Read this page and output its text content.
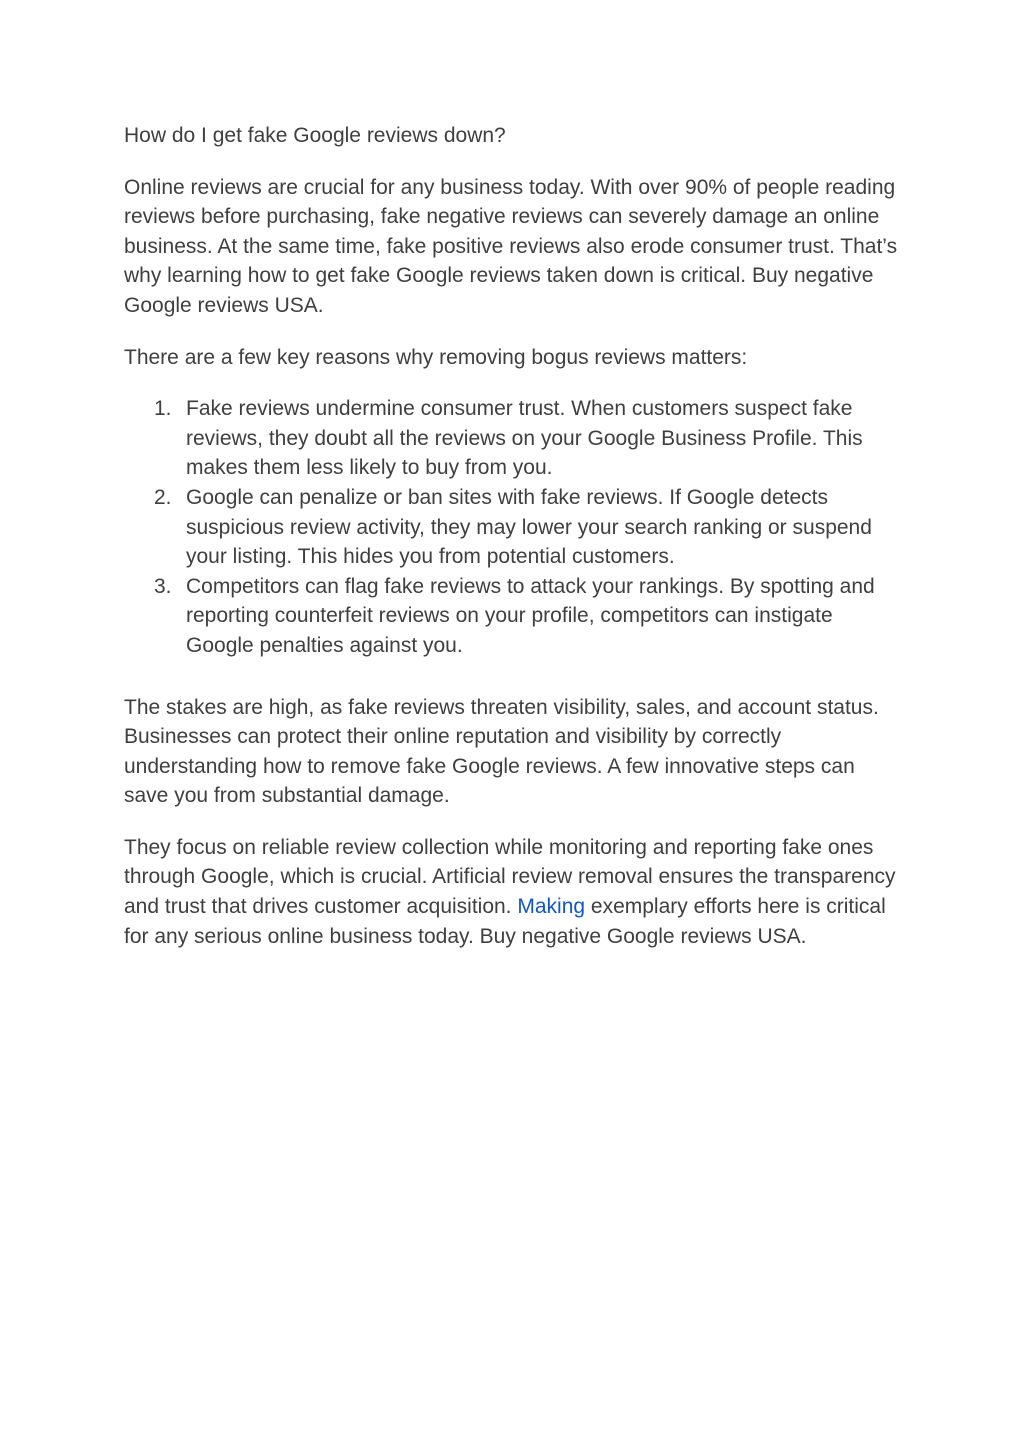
How do I get fake Google reviews down?

Online reviews are crucial for any business today. With over 90% of people reading reviews before purchasing, fake negative reviews can severely damage an online business. At the same time, fake positive reviews also erode consumer trust. That’s why learning how to get fake Google reviews taken down is critical. Buy negative Google reviews USA.

There are a few key reasons why removing bogus reviews matters:

1. Fake reviews undermine consumer trust. When customers suspect fake reviews, they doubt all the reviews on your Google Business Profile. This makes them less likely to buy from you.
2. Google can penalize or ban sites with fake reviews. If Google detects suspicious review activity, they may lower your search ranking or suspend your listing. This hides you from potential customers.
3. Competitors can flag fake reviews to attack your rankings. By spotting and reporting counterfeit reviews on your profile, competitors can instigate Google penalties against you.

The stakes are high, as fake reviews threaten visibility, sales, and account status. Businesses can protect their online reputation and visibility by correctly understanding how to remove fake Google reviews. A few innovative steps can save you from substantial damage.

They focus on reliable review collection while monitoring and reporting fake ones through Google, which is crucial. Artificial review removal ensures the transparency and trust that drives customer acquisition. Making exemplary efforts here is critical for any serious online business today. Buy negative Google reviews USA.
